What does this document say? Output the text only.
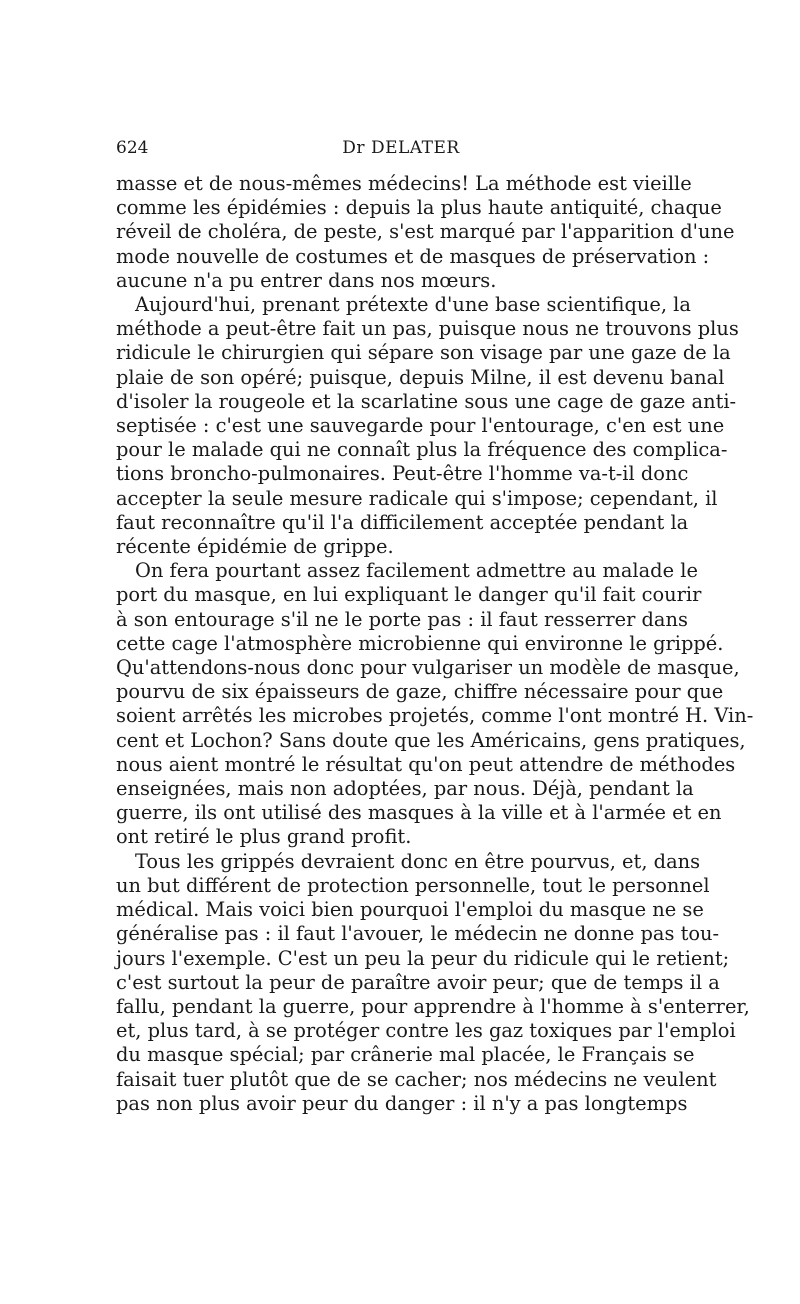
624	Dr DELATER
masse et de nous-mêmes médecins! La méthode est vieille
comme les épidémies : depuis la plus haute antiquité, chaque
réveil de choléra, de peste, s'est marqué par l'apparition d'une
mode nouvelle de costumes et de masques de préservation :
aucune n'a pu entrer dans nos mœurs.
Aujourd'hui, prenant prétexte d'une base scientifique, la
méthode a peut-être fait un pas, puisque nous ne trouvons plus
ridicule le chirurgien qui sépare son visage par une gaze de la
plaie de son opéré; puisque, depuis Milne, il est devenu banal
d'isoler la rougeole et la scarlatine sous une cage de gaze anti-
septisée : c'est une sauvegarde pour l'entourage, c'en est une
pour le malade qui ne connaît plus la fréquence des complica-
tions broncho-pulmonaires. Peut-être l'homme va-t-il donc
accepter la seule mesure radicale qui s'impose; cependant, il
faut reconnaître qu'il l'a difficilement acceptée pendant la
récente épidémie de grippe.
On fera pourtant assez facilement admettre au malade le
port du masque, en lui expliquant le danger qu'il fait courir
à son entourage s'il ne le porte pas : il faut resserrer dans
cette cage l'atmosphère microbienne qui environne le grippé.
Qu'attendons-nous donc pour vulgariser un modèle de masque,
pourvu de six épaisseurs de gaze, chiffre nécessaire pour que
soient arrêtés les microbes projetés, comme l'ont montré H. Vin-
cent et Lochon? Sans doute que les Américains, gens pratiques,
nous aient montré le résultat qu'on peut attendre de méthodes
enseignées, mais non adoptées, par nous. Déjà, pendant la
guerre, ils ont utilisé des masques à la ville et à l'armée et en
ont retiré le plus grand profit.
Tous les grippés devraient donc en être pourvus, et, dans
un but différent de protection personnelle, tout le personnel
médical. Mais voici bien pourquoi l'emploi du masque ne se
généralise pas : il faut l'avouer, le médecin ne donne pas tou-
jours l'exemple. C'est un peu la peur du ridicule qui le retient;
c'est surtout la peur de paraître avoir peur; que de temps il a
fallu, pendant la guerre, pour apprendre à l'homme à s'enterrer,
et, plus tard, à se protéger contre les gaz toxiques par l'emploi
du masque spécial; par crânerie mal placée, le Français se
faisait tuer plutôt que de se cacher; nos médecins ne veulent
pas non plus avoir peur du danger : il n'y a pas longtemps
